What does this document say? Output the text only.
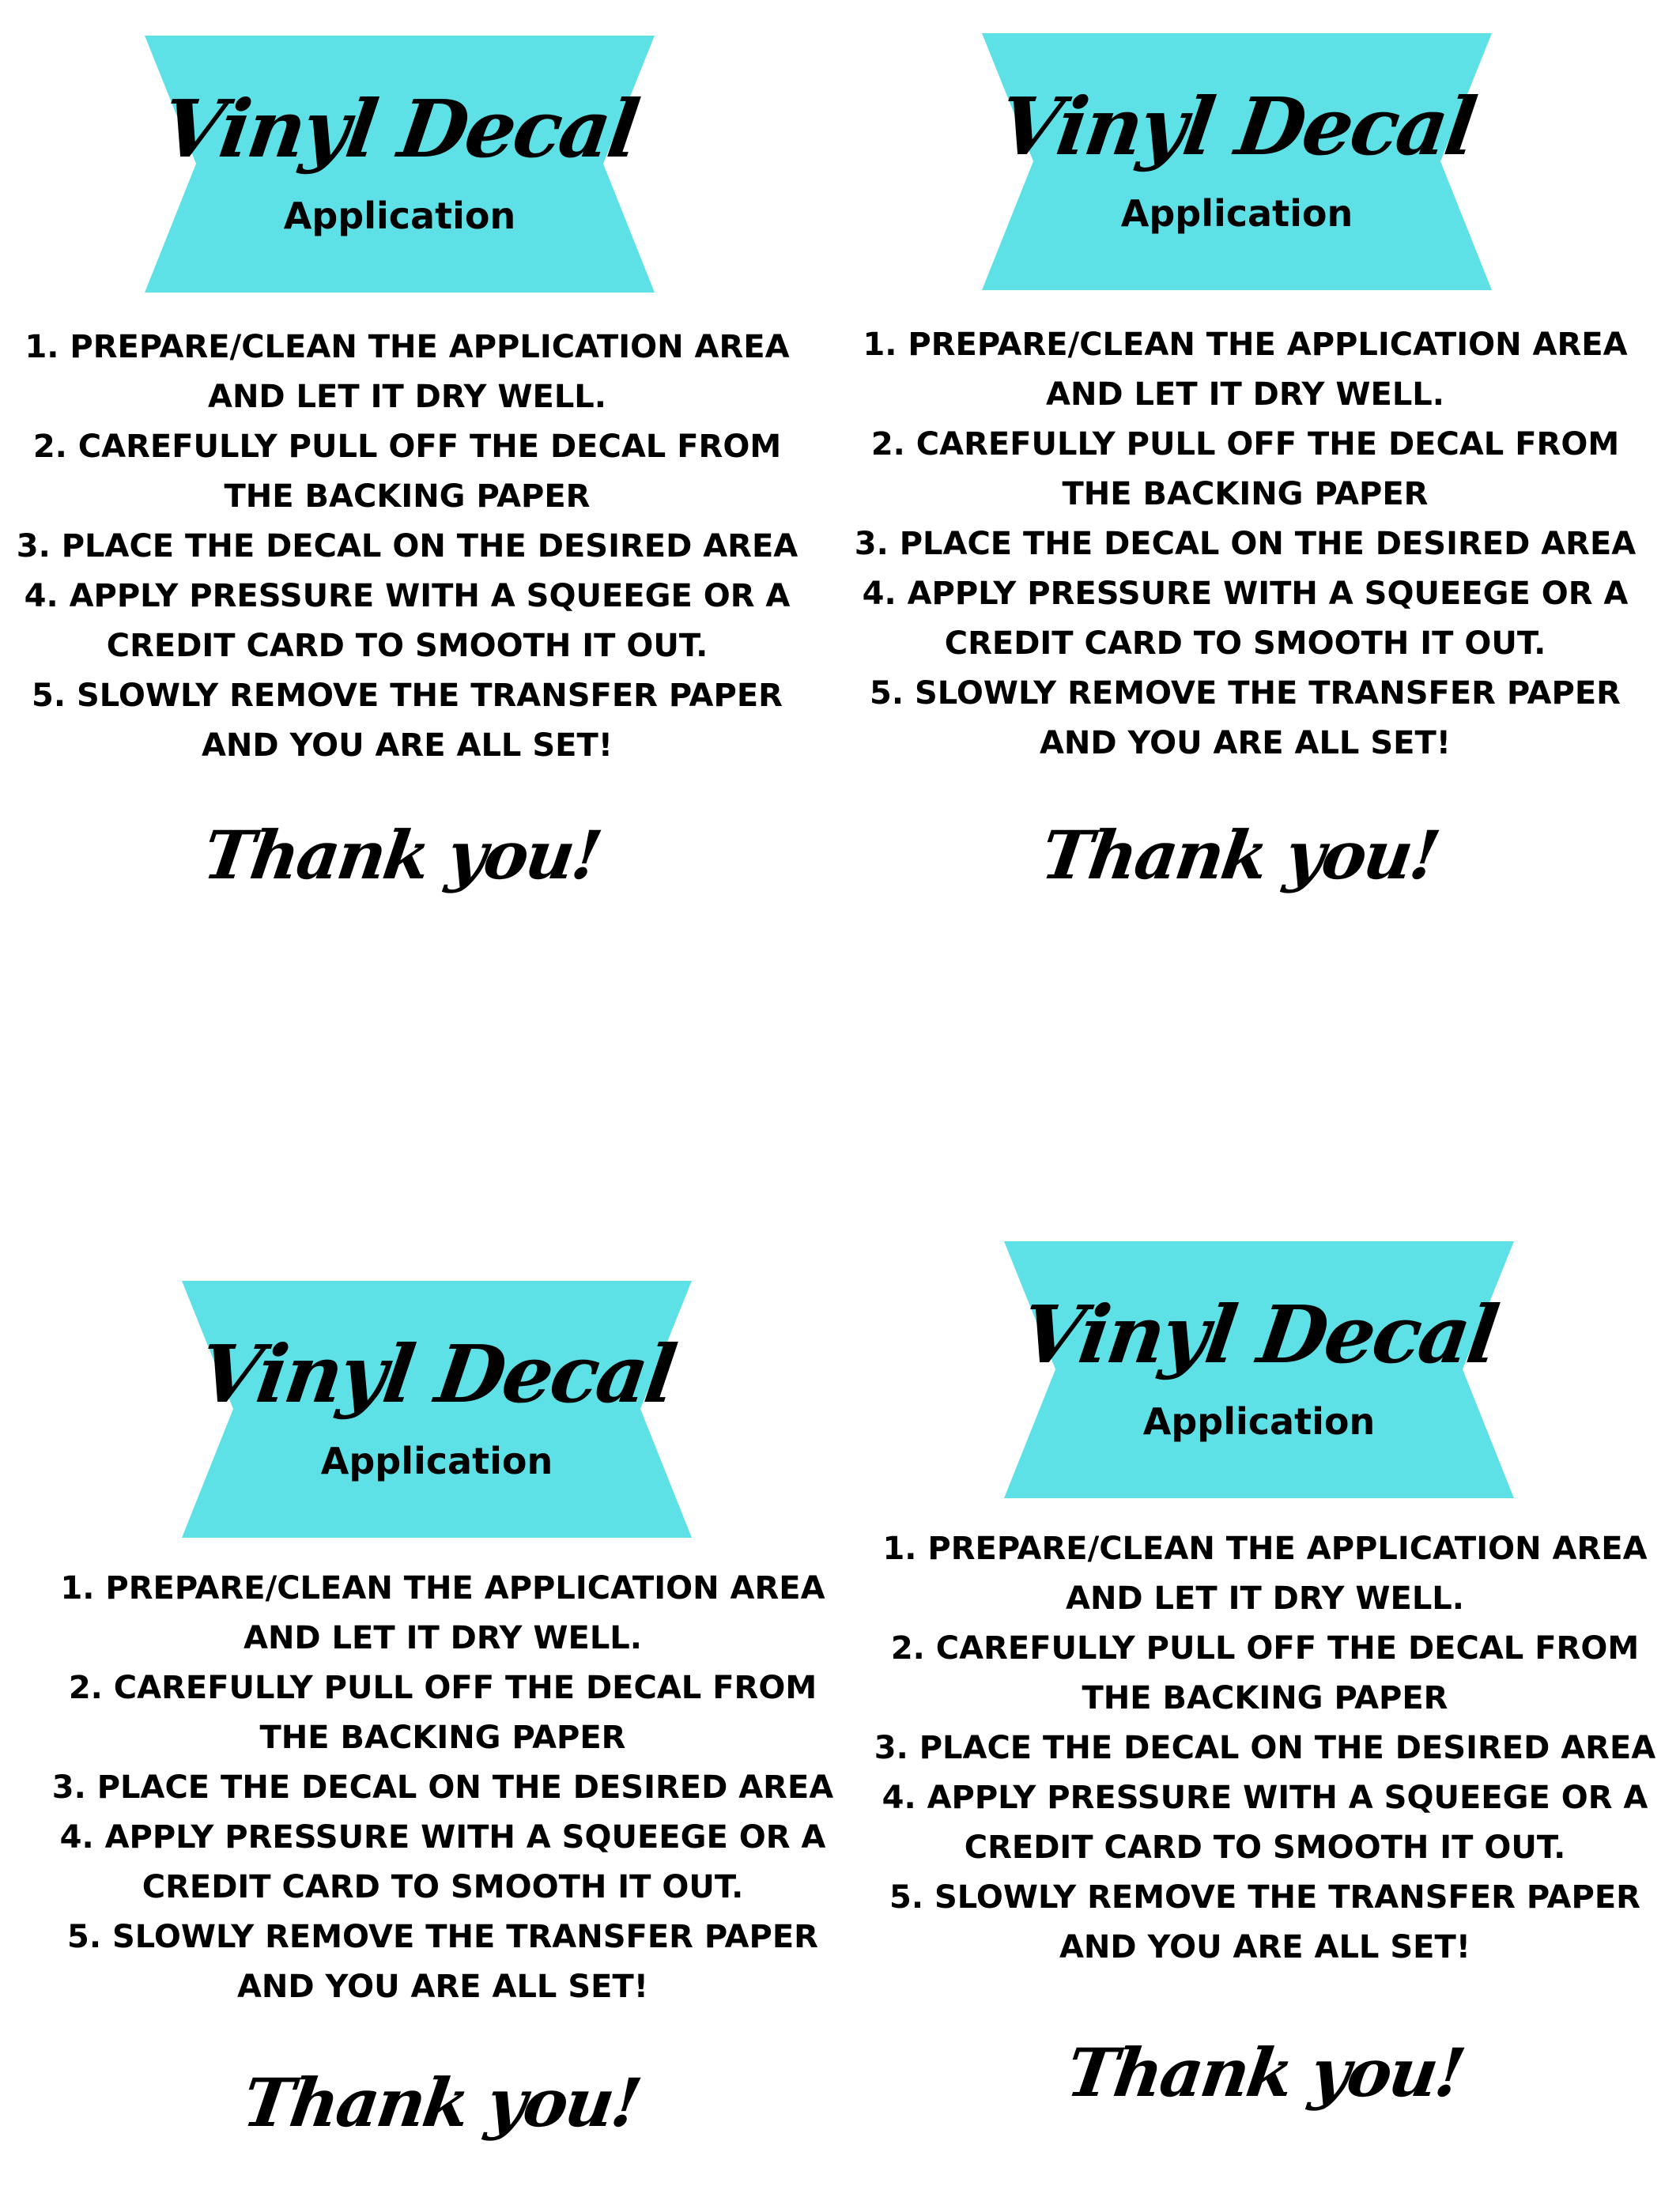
Vinyl Decal
Application
1. PREPARE/CLEAN THE APPLICATION AREA
AND LET IT DRY WELL.
2. CAREFULLY PULL OFF THE DECAL FROM
THE BACKING PAPER
3. PLACE THE DECAL ON THE DESIRED AREA
4. APPLY PRESSURE WITH A SQUEEGE OR A
CREDIT CARD TO SMOOTH IT OUT.
5. SLOWLY REMOVE THE TRANSFER PAPER
AND YOU ARE ALL SET!
Thank you!
Vinyl Decal
Application
1. PREPARE/CLEAN THE APPLICATION AREA
AND LET IT DRY WELL.
2. CAREFULLY PULL OFF THE DECAL FROM
THE BACKING PAPER
3. PLACE THE DECAL ON THE DESIRED AREA
4. APPLY PRESSURE WITH A SQUEEGE OR A
CREDIT CARD TO SMOOTH IT OUT.
5. SLOWLY REMOVE THE TRANSFER PAPER
AND YOU ARE ALL SET!
Thank you!
Vinyl Decal
Application
1. PREPARE/CLEAN THE APPLICATION AREA
AND LET IT DRY WELL.
2. CAREFULLY PULL OFF THE DECAL FROM
THE BACKING PAPER
3. PLACE THE DECAL ON THE DESIRED AREA
4. APPLY PRESSURE WITH A SQUEEGE OR A
CREDIT CARD TO SMOOTH IT OUT.
5. SLOWLY REMOVE THE TRANSFER PAPER
AND YOU ARE ALL SET!
Thank you!
Vinyl Decal
Application
1. PREPARE/CLEAN THE APPLICATION AREA
AND LET IT DRY WELL.
2. CAREFULLY PULL OFF THE DECAL FROM
THE BACKING PAPER
3. PLACE THE DECAL ON THE DESIRED AREA
4. APPLY PRESSURE WITH A SQUEEGE OR A
CREDIT CARD TO SMOOTH IT OUT.
5. SLOWLY REMOVE THE TRANSFER PAPER
AND YOU ARE ALL SET!
Thank you!
